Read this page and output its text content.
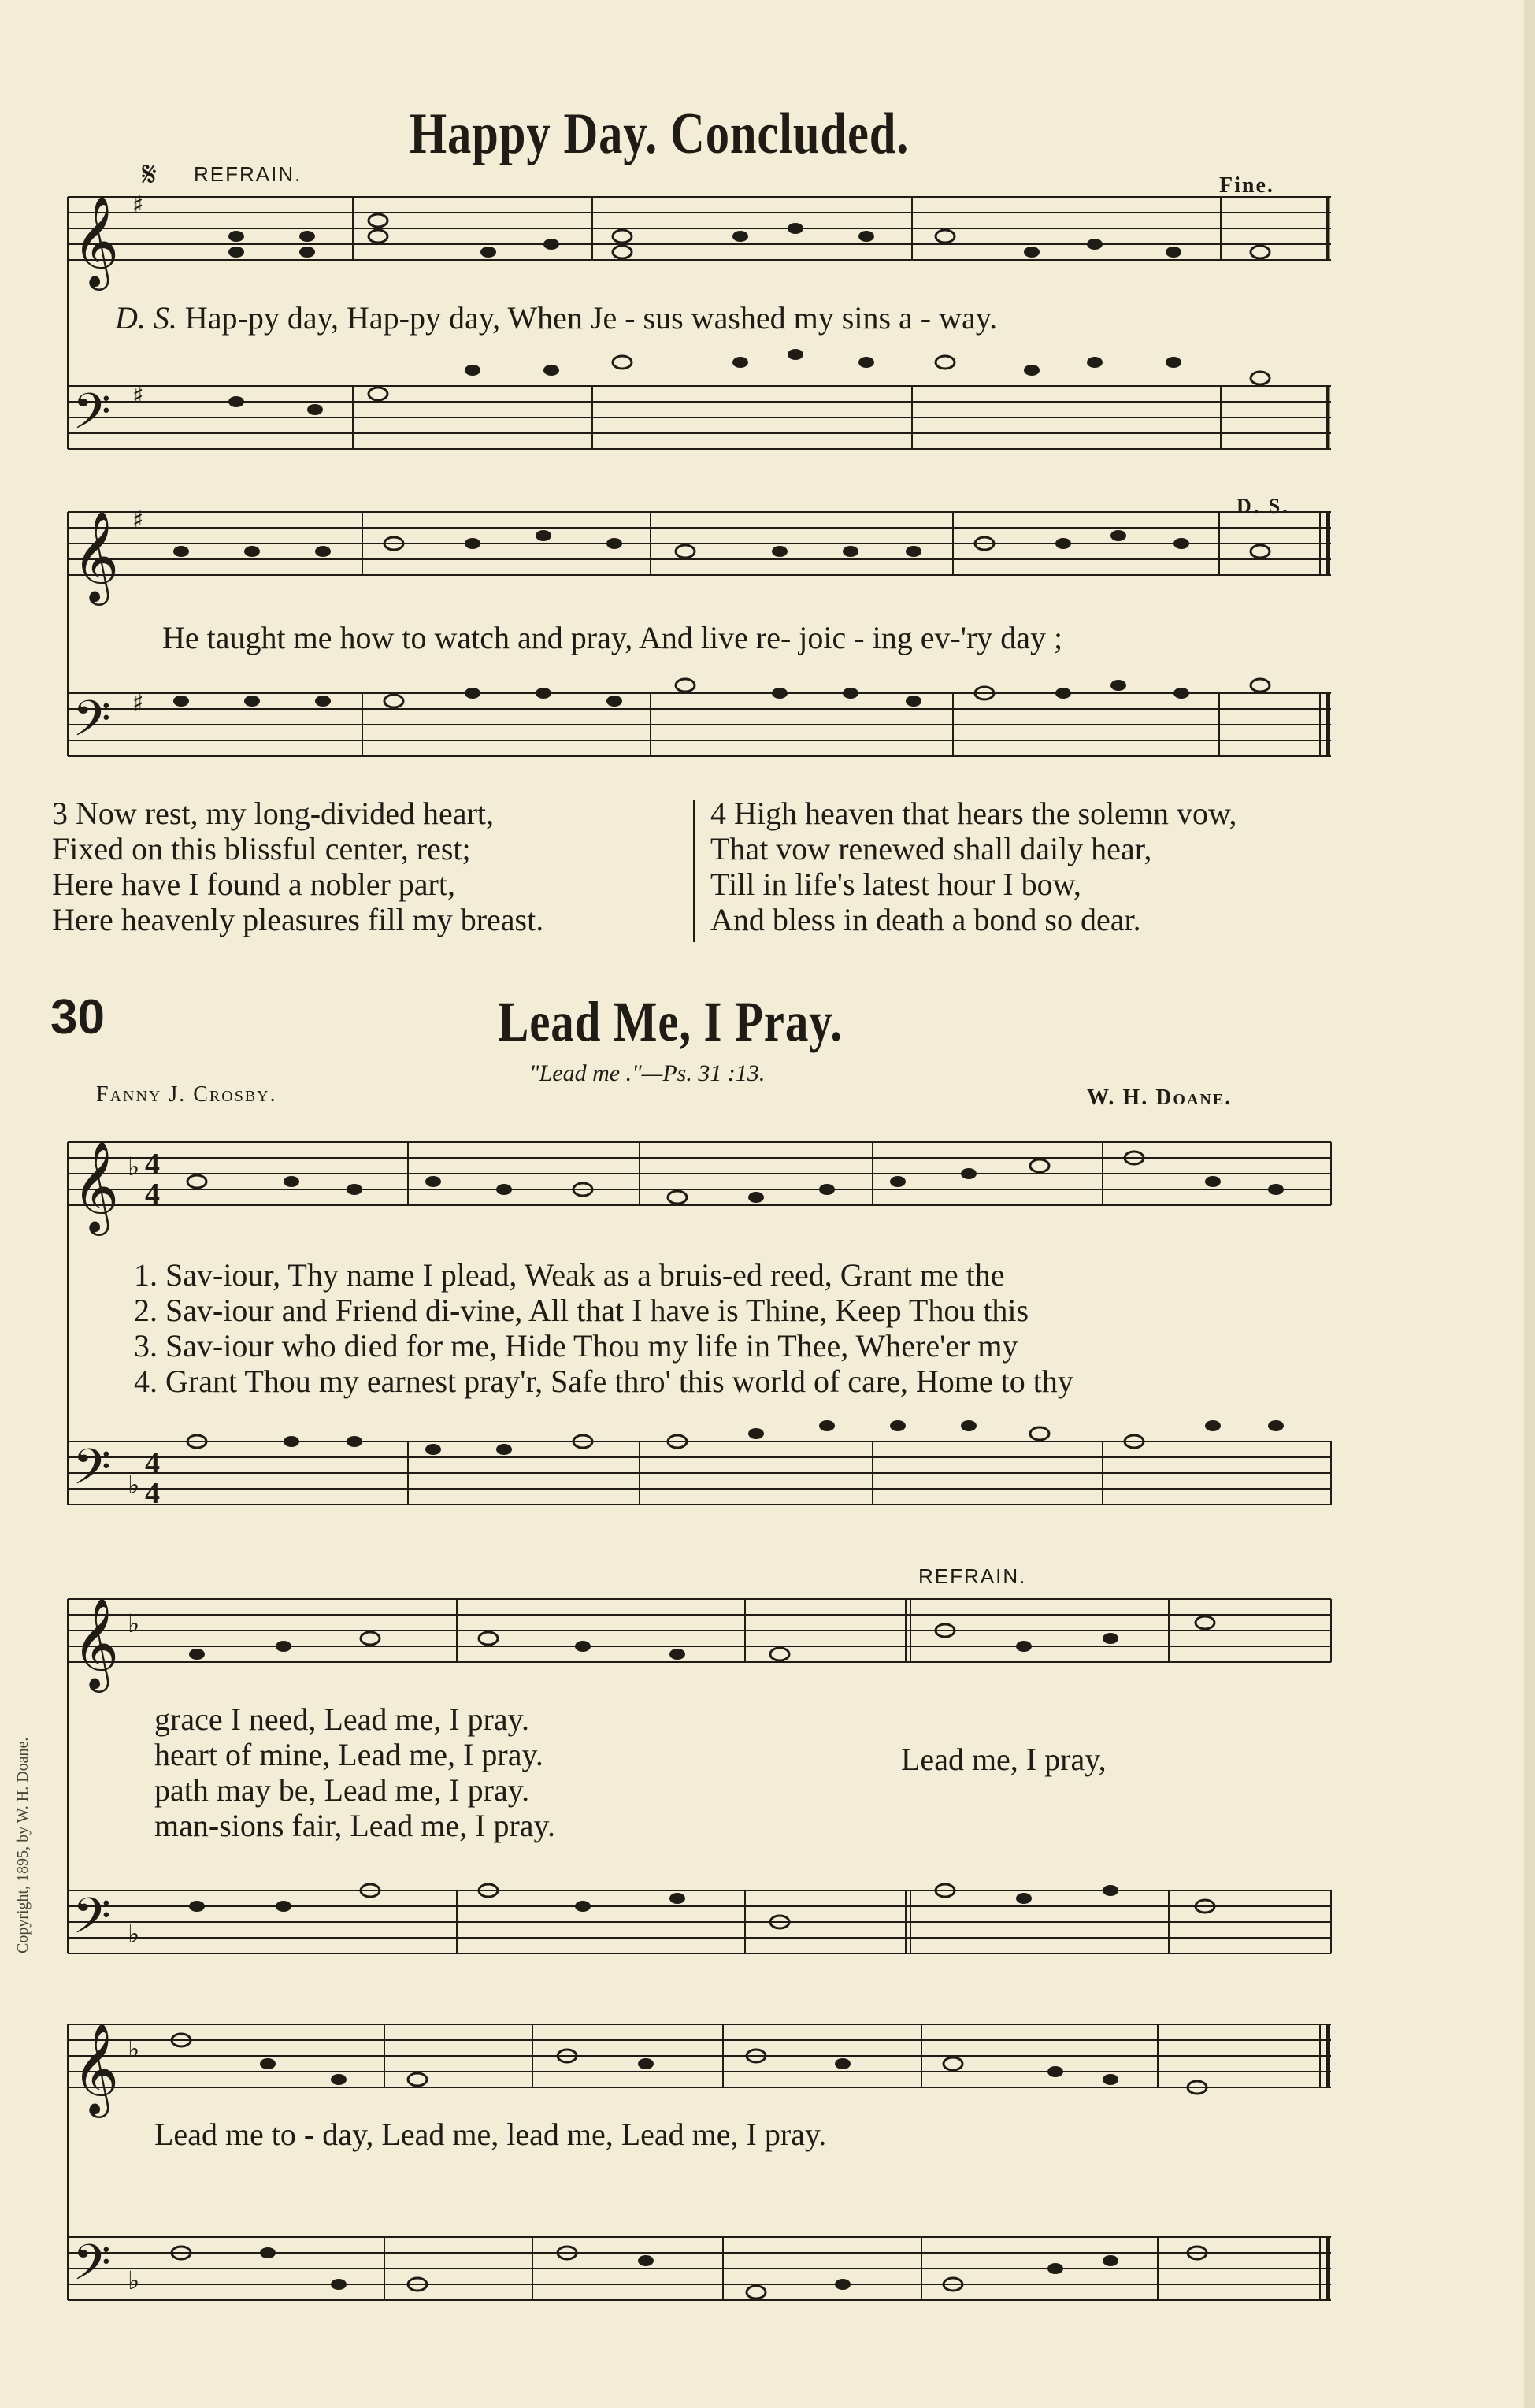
Happy Day. Concluded.
𝄋 REFRAIN.	Fine.
𝄞
𝄢
♯
♯
D. S. Hap-py day, Hap-py day, When Je - sus washed my sins a - way.
𝄞
𝄢
♯
♯
D. S.
He taught me how to watch and pray, And live re- joic - ing ev-'ry day ;
3 Now rest, my long-divided heart,
Fixed on this blissful center, rest;
Here have I found a nobler part,
Here heavenly pleasures fill my breast.
4 High heaven that hears the solemn vow,
That vow renewed shall daily hear,
Till in life's latest hour I bow,
And bless in death a bond so dear.
30	Lead Me, I Pray.
"Lead me ."—Ps. 31 :13.
Fanny J. Crosby.	W. H. Doane.
𝄞
𝄢
♭
♭
4
4
4
4
1. Sav-iour, Thy name I plead, Weak as a bruis-ed reed, Grant me the
2. Sav-iour and Friend di-vine, All that I have is Thine, Keep Thou this
3. Sav-iour who died for me, Hide Thou my life in Thee, Where'er my
4. Grant Thou my earnest pray'r, Safe thro' this world of care, Home to thy
REFRAIN.
𝄞
𝄢
♭
♭
grace I need, Lead me, I pray.
heart of mine, Lead me, I pray.
path may be, Lead me, I pray.
man-sions fair, Lead me, I pray.
Lead me, I pray,
𝄞
𝄢
♭
♭
Lead me to - day, Lead me, lead me, Lead me, I pray.
Copyright, 1895, by W. H. Doane.
